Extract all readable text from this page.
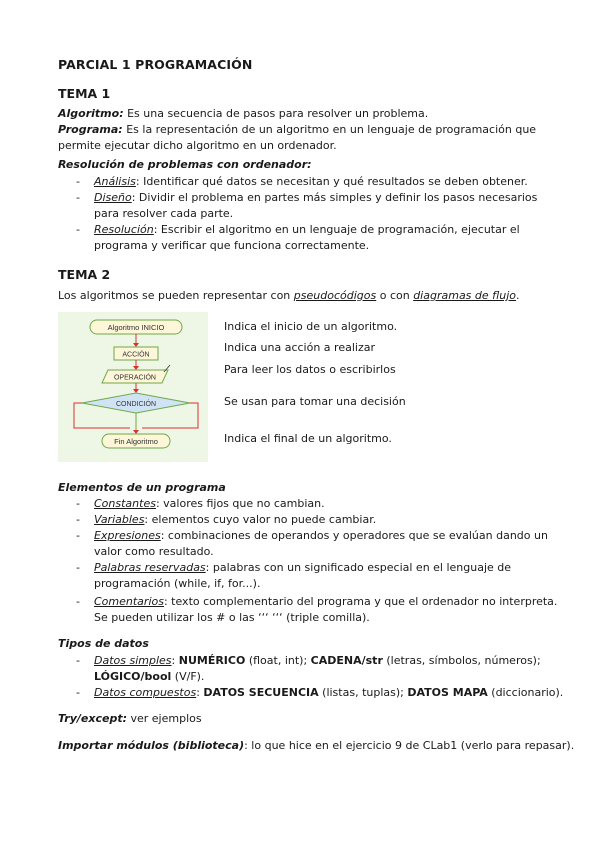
PARCIAL 1 PROGRAMACIÓN
TEMA 1
Algoritmo: Es una secuencia de pasos para resolver un problema.
Programa: Es la representación de un algoritmo en un lenguaje de programación que
permite ejecutar dicho algoritmo en un ordenador.
Resolución de problemas con ordenador:
- Análisis: Identificar qué datos se necesitan y qué resultados se deben obtener.
- Diseño: Dividir el problema en partes más simples y definir los pasos necesarios
para resolver cada parte.
- Resolución: Escribir el algoritmo en un lenguaje de programación, ejecutar el
programa y verificar que funciona correctamente.
TEMA 2
Los algoritmos se pueden representar con pseudocódigos o con diagramas de flujo.
Algoritmo INICIO
ACCIÓN
OPERACIÓN
CONDICIÓN
Fin Algoritmo
Indica el inicio de un algoritmo.
Indica una acción a realizar
Para leer los datos o escribirlos
Se usan para tomar una decisión
Indica el final de un algoritmo.
Elementos de un programa
- Constantes: valores fijos que no cambian.
- Variables: elementos cuyo valor no puede cambiar.
- Expresiones: combinaciones de operandos y operadores que se evalúan dando un
valor como resultado.
- Palabras reservadas: palabras con un significado especial en el lenguaje de
programación (while, if, for...).
- Comentarios: texto complementario del programa y que el ordenador no interpreta.
Se pueden utilizar los # o las ‘‘‘ ‘‘‘ (triple comilla).
Tipos de datos
- Datos simples: NUMÉRICO (float, int); CADENA/str (letras, símbolos, números);
LÓGICO/bool (V/F).
- Datos compuestos: DATOS SECUENCIA (listas, tuplas); DATOS MAPA (diccionario).
Try/except: ver ejemplos
Importar módulos (biblioteca): lo que hice en el ejercicio 9 de CLab1 (verlo para repasar).
